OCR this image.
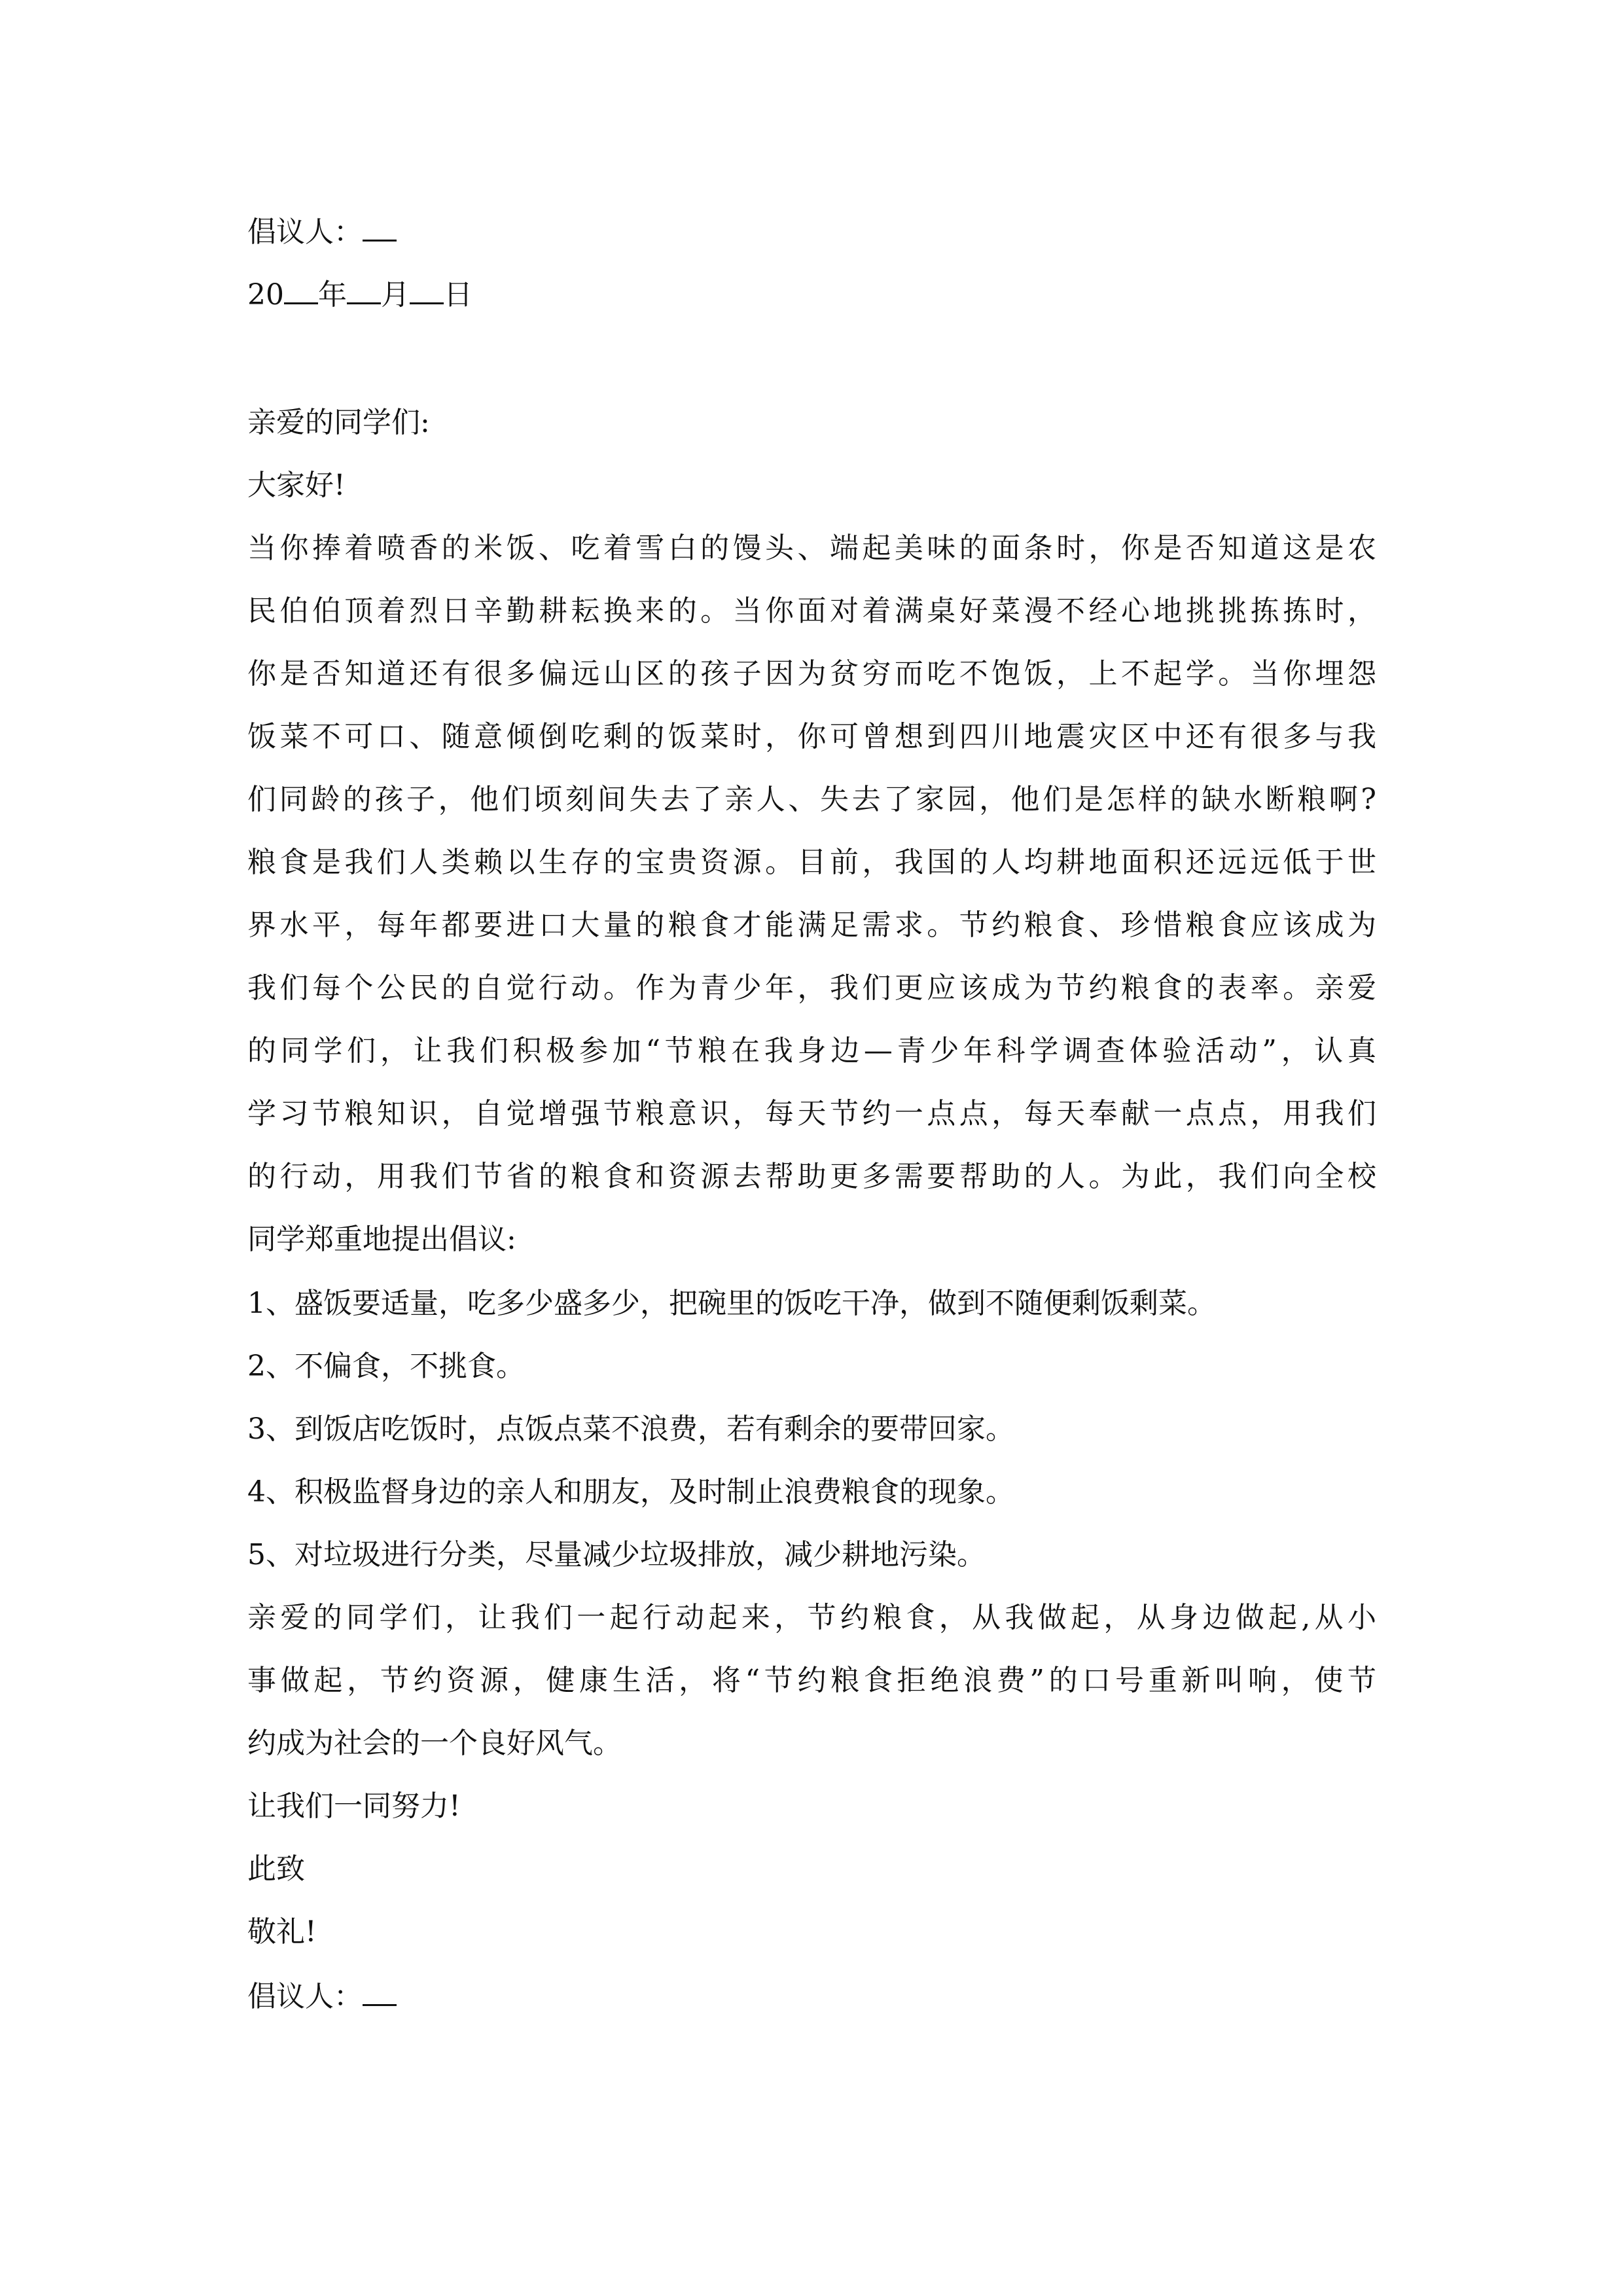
倡议人：
20 年 月 日
亲爱的同学们:
大家好!
当你捧着喷香的米饭、吃着雪白的馒头、端起美味的面条时，你是否知道这是农
民伯伯顶着烈日辛勤耕耘换来的。当你面对着满桌好菜漫不经心地挑挑拣拣时，
你是否知道还有很多偏远山区的孩子因为贫穷而吃不饱饭，上不起学。当你埋怨
饭菜不可口、随意倾倒吃剩的饭菜时，你可曾想到四川地震灾区中还有很多与我
们同龄的孩子，他们顷刻间失去了亲人、失去了家园，他们是怎样的缺水断粮啊?
粮食是我们人类赖以生存的宝贵资源。目前，我国的人均耕地面积还远远低于世
界水平，每年都要进口大量的粮食才能满足需求。节约粮食、珍惜粮食应该成为
我们每个公民的自觉行动。作为青少年，我们更应该成为节约粮食的表率。亲爱
的同学们，让我们积极参加“节粮在我身边—青少年科学调查体验活动”，认真
学习节粮知识，自觉增强节粮意识，每天节约一点点，每天奉献一点点，用我们
的行动，用我们节省的粮食和资源去帮助更多需要帮助的人。为此，我们向全校
同学郑重地提出倡议:
1、盛饭要适量，吃多少盛多少，把碗里的饭吃干净，做到不随便剩饭剩菜。
2、不偏食，不挑食。
3、到饭店吃饭时，点饭点菜不浪费，若有剩余的要带回家。
4、积极监督身边的亲人和朋友，及时制止浪费粮食的现象。
5、对垃圾进行分类，尽量减少垃圾排放，减少耕地污染。
亲爱的同学们，让我们一起行动起来，节约粮食，从我做起，从身边做起,从小
事做起，节约资源，健康生活，将“节约粮食拒绝浪费”的口号重新叫响，使节
约成为社会的一个良好风气。
让我们一同努力!
此致
敬礼!
倡议人：
